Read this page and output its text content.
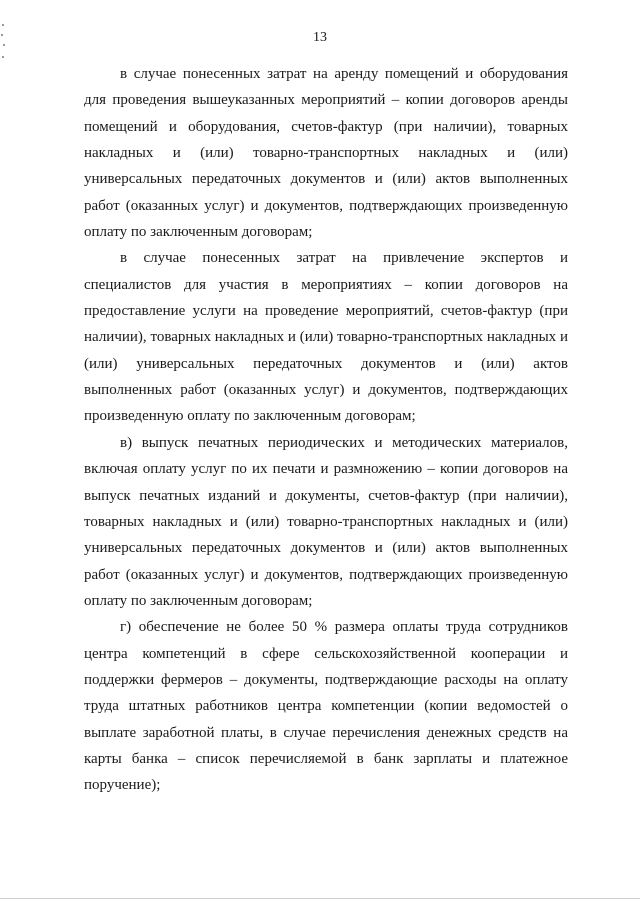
13

в случае понесенных затрат на аренду помещений и оборудования для проведения вышеуказанных мероприятий – копии договоров аренды помещений и оборудования, счетов-фактур (при наличии), товарных накладных и (или) товарно-транспортных накладных и (или) универсальных передаточных документов и (или) актов выполненных работ (оказанных услуг) и документов, подтверждающих произведенную оплату по заключенным договорам;

в случае понесенных затрат на привлечение экспертов и специалистов для участия в мероприятиях – копии договоров на предоставление услуги на проведение мероприятий, счетов-фактур (при наличии), товарных накладных и (или) товарно-транспортных накладных и (или) универсальных передаточных документов и (или) актов выполненных работ (оказанных услуг) и документов, подтверждающих произведенную оплату по заключенным договорам;

в) выпуск печатных периодических и методических материалов, включая оплату услуг по их печати и размножению – копии договоров на выпуск печатных изданий и документы, счетов-фактур (при наличии), товарных накладных и (или) товарно-транспортных накладных и (или) универсальных передаточных документов и (или) актов выполненных работ (оказанных услуг) и документов, подтверждающих произведенную оплату по заключенным договорам;

г) обеспечение не более 50 % размера оплаты труда сотрудников центра компетенций в сфере сельскохозяйственной кооперации и поддержки фермеров – документы, подтверждающие расходы на оплату труда штатных работников центра компетенции (копии ведомостей о выплате заработной платы, в случае перечисления денежных средств на карты банка – список перечисляемой в банк зарплаты и платежное поручение);
